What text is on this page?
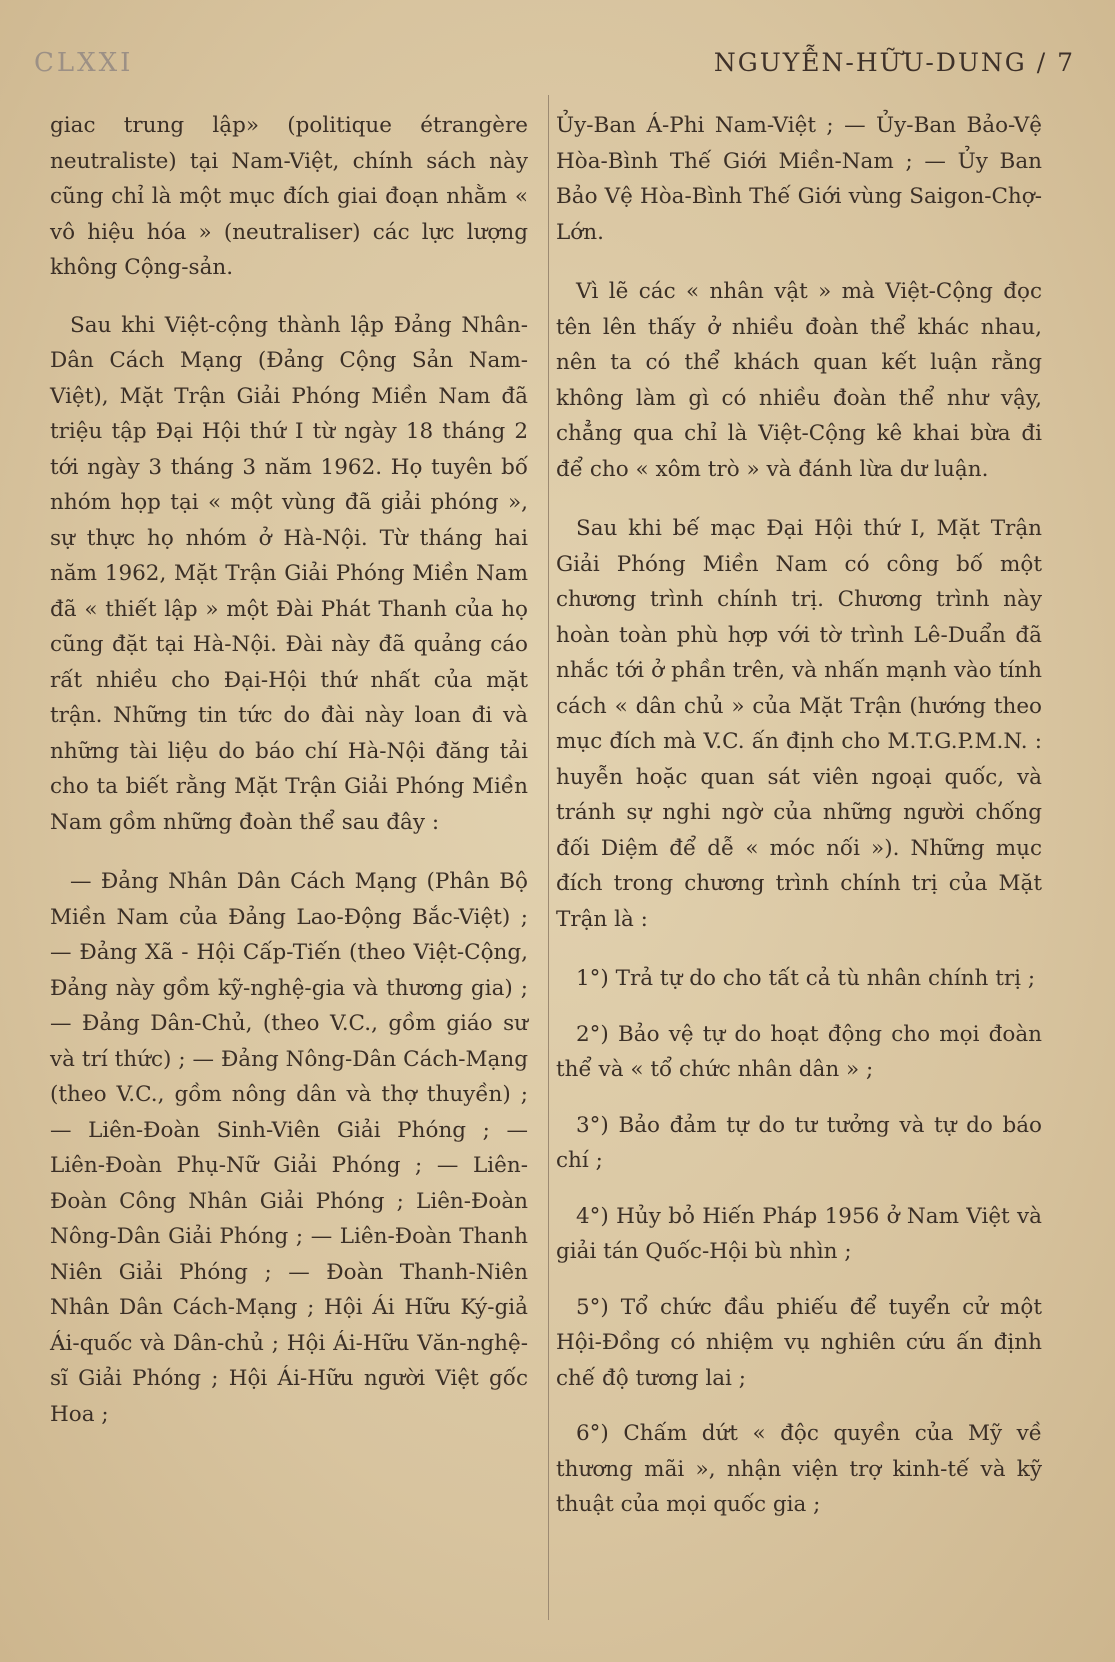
CLXXI	NGUYỄN-HỮU-DUNG / 7

giac trung lập» (politique étrangère neutraliste) tại Nam-Việt, chính sách này cũng chỉ là một mục đích giai đoạn nhằm « vô hiệu hóa » (neutraliser) các lực lượng không Cộng-sản.

Sau khi Việt-cộng thành lập Đảng Nhân-Dân Cách Mạng (Đảng Cộng Sản Nam-Việt), Mặt Trận Giải Phóng Miền Nam đã triệu tập Đại Hội thứ I từ ngày 18 tháng 2 tới ngày 3 tháng 3 năm 1962. Họ tuyên bố nhóm họp tại « một vùng đã giải phóng », sự thực họ nhóm ở Hà-Nội. Từ tháng hai năm 1962, Mặt Trận Giải Phóng Miền Nam đã « thiết lập » một Đài Phát Thanh của họ cũng đặt tại Hà-Nội. Đài này đã quảng cáo rất nhiều cho Đại-Hội thứ nhất của mặt trận. Những tin tức do đài này loan đi và những tài liệu do báo chí Hà-Nội đăng tải cho ta biết rằng Mặt Trận Giải Phóng Miền Nam gồm những đoàn thể sau đây :

— Đảng Nhân Dân Cách Mạng (Phân Bộ Miền Nam của Đảng Lao-Động Bắc-Việt) ; — Đảng Xã - Hội Cấp-Tiến (theo Việt-Cộng, Đảng này gồm kỹ-nghệ-gia và thương gia) ; — Đảng Dân-Chủ, (theo V.C., gồm giáo sư và trí thức) ; — Đảng Nông-Dân Cách-Mạng (theo V.C., gồm nông dân và thợ thuyền) ; — Liên-Đoàn Sinh-Viên Giải Phóng ; — Liên-Đoàn Phụ-Nữ Giải Phóng ; — Liên-Đoàn Công Nhân Giải Phóng ; Liên-Đoàn Nông-Dân Giải Phóng ; — Liên-Đoàn Thanh Niên Giải Phóng ; — Đoàn Thanh-Niên Nhân Dân Cách-Mạng ; Hội Ái Hữu Ký-giả Ái-quốc và Dân-chủ ; Hội Ái-Hữu Văn-nghệ-sĩ Giải Phóng ; Hội Ái-Hữu người Việt gốc Hoa ;

Ủy-Ban Á-Phi Nam-Việt ; — Ủy-Ban Bảo-Vệ Hòa-Bình Thế Giới Miền-Nam ; — Ủy Ban Bảo Vệ Hòa-Bình Thế Giới vùng Saigon-Chợ-Lớn.

Vì lẽ các « nhân vật » mà Việt-Cộng đọc tên lên thấy ở nhiều đoàn thể khác nhau, nên ta có thể khách quan kết luận rằng không làm gì có nhiều đoàn thể như vậy, chẳng qua chỉ là Việt-Cộng kê khai bừa đi để cho « xôm trò » và đánh lừa dư luận.

Sau khi bế mạc Đại Hội thứ I, Mặt Trận Giải Phóng Miền Nam có công bố một chương trình chính trị. Chương trình này hoàn toàn phù hợp với tờ trình Lê-Duẩn đã nhắc tới ở phần trên, và nhấn mạnh vào tính cách « dân chủ » của Mặt Trận (hướng theo mục đích mà V.C. ấn định cho M.T.G.P.M.N. : huyễn hoặc quan sát viên ngoại quốc, và tránh sự nghi ngờ của những người chống đối Diệm để dễ « móc nối »). Những mục đích trong chương trình chính trị của Mặt Trận là :

1°) Trả tự do cho tất cả tù nhân chính trị ;

2°) Bảo vệ tự do hoạt động cho mọi đoàn thể và « tổ chức nhân dân » ;

3°) Bảo đảm tự do tư tưởng và tự do báo chí ;

4°) Hủy bỏ Hiến Pháp 1956 ở Nam Việt và giải tán Quốc-Hội bù nhìn ;

5°) Tổ chức đầu phiếu để tuyển cử một Hội-Đồng có nhiệm vụ nghiên cứu ấn định chế độ tương lai ;

6°) Chấm dứt « độc quyền của Mỹ về thương mãi », nhận viện trợ kinh-tế và kỹ thuật của mọi quốc gia ;
